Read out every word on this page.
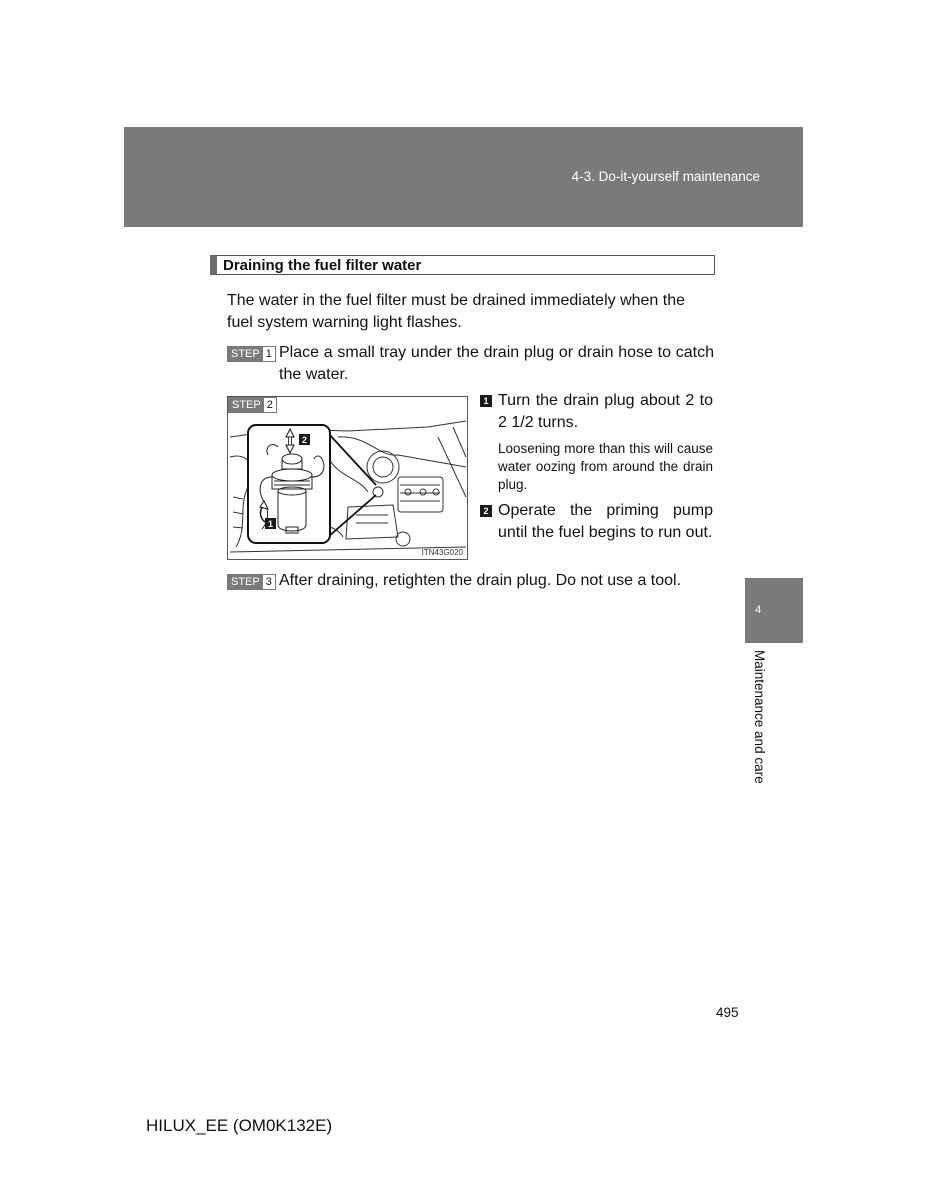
4-3. Do-it-yourself maintenance
4
Maintenance and care
Draining the fuel filter water
The water in the fuel filter must be drained immediately when the fuel system warning light flashes.
STEP 1 Place a small tray under the drain plug or drain hose to catch the water.
2
1
STEP 2
ITN43G020
1 Turn the drain plug about 2 to 2 1/2 turns.
Loosening more than this will cause water oozing from around the drain plug.
2 Operate the priming pump until the fuel begins to run out.
STEP 3 After draining, retighten the drain plug. Do not use a tool.
495
HILUX_EE (OM0K132E)
